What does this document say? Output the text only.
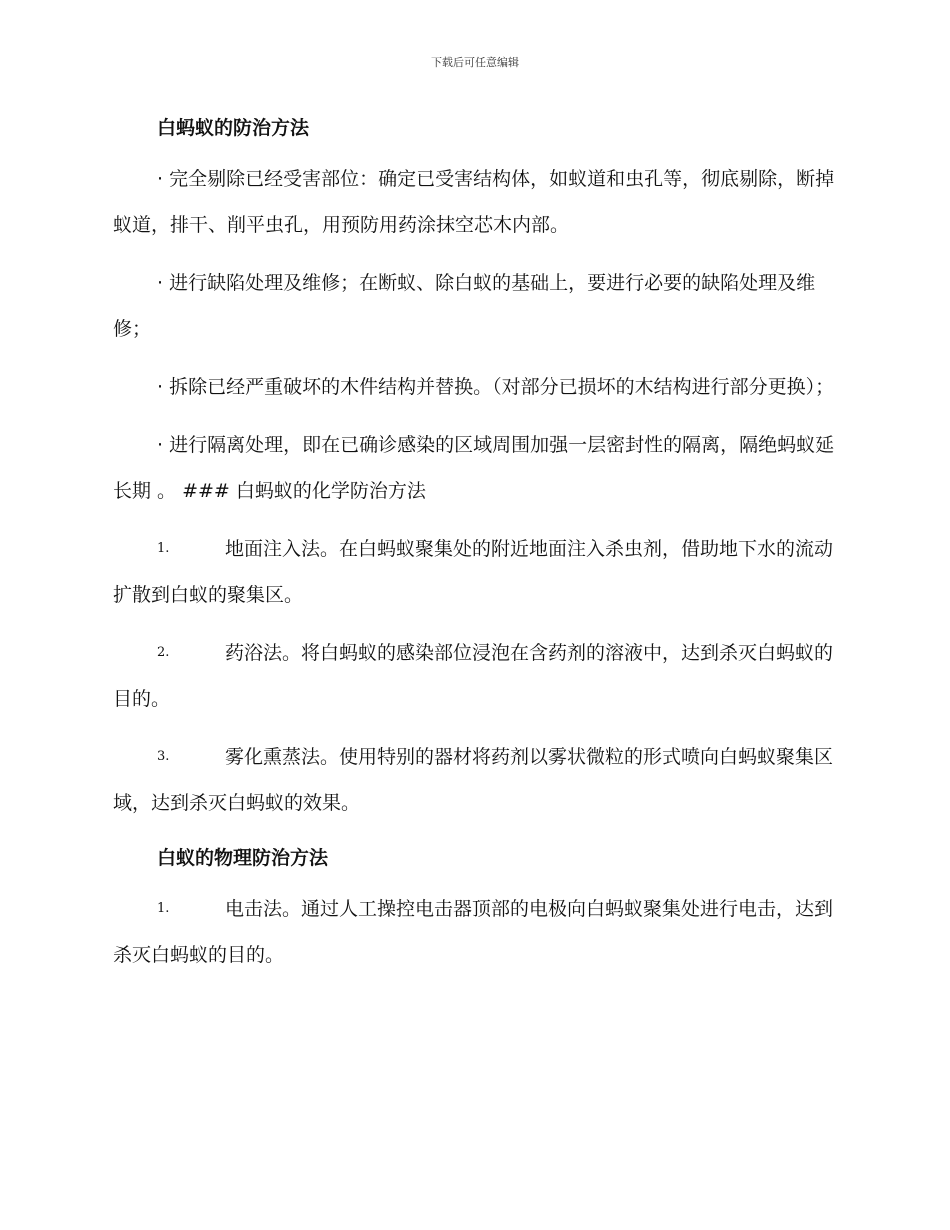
下载后可任意编辑
白蚂蚁的防治方法

· 完全剔除已经受害部位：确定已受害结构体，如蚁道和虫孔等，彻底剔除，断掉蚁道，排干、削平虫孔，用预防用药涂抹空芯木内部。

· 进行缺陷处理及维修；在断蚁、除白蚁的基础上，要进行必要的缺陷处理及维修；

· 拆除已经严重破坏的木件结构并替换。（对部分已损坏的木结构进行部分更换）；

· 进行隔离处理，即在已确诊感染的区域周围加强一层密封性的隔离，隔绝蚂蚁延长期 。 ### 白蚂蚁的化学防治方法

1.	地面注入法。在白蚂蚁聚集处的附近地面注入杀虫剂，借助地下水的流动扩散到白蚁的聚集区。

2.	药浴法。将白蚂蚁的感染部位浸泡在含药剂的溶液中，达到杀灭白蚂蚁的目的。

3.	雾化熏蒸法。使用特别的器材将药剂以雾状微粒的形式喷向白蚂蚁聚集区域，达到杀灭白蚂蚁的效果。

白蚁的物理防治方法

1.	电击法。通过人工操控电击器顶部的电极向白蚂蚁聚集处进行电击，达到杀灭白蚂蚁的目的。
